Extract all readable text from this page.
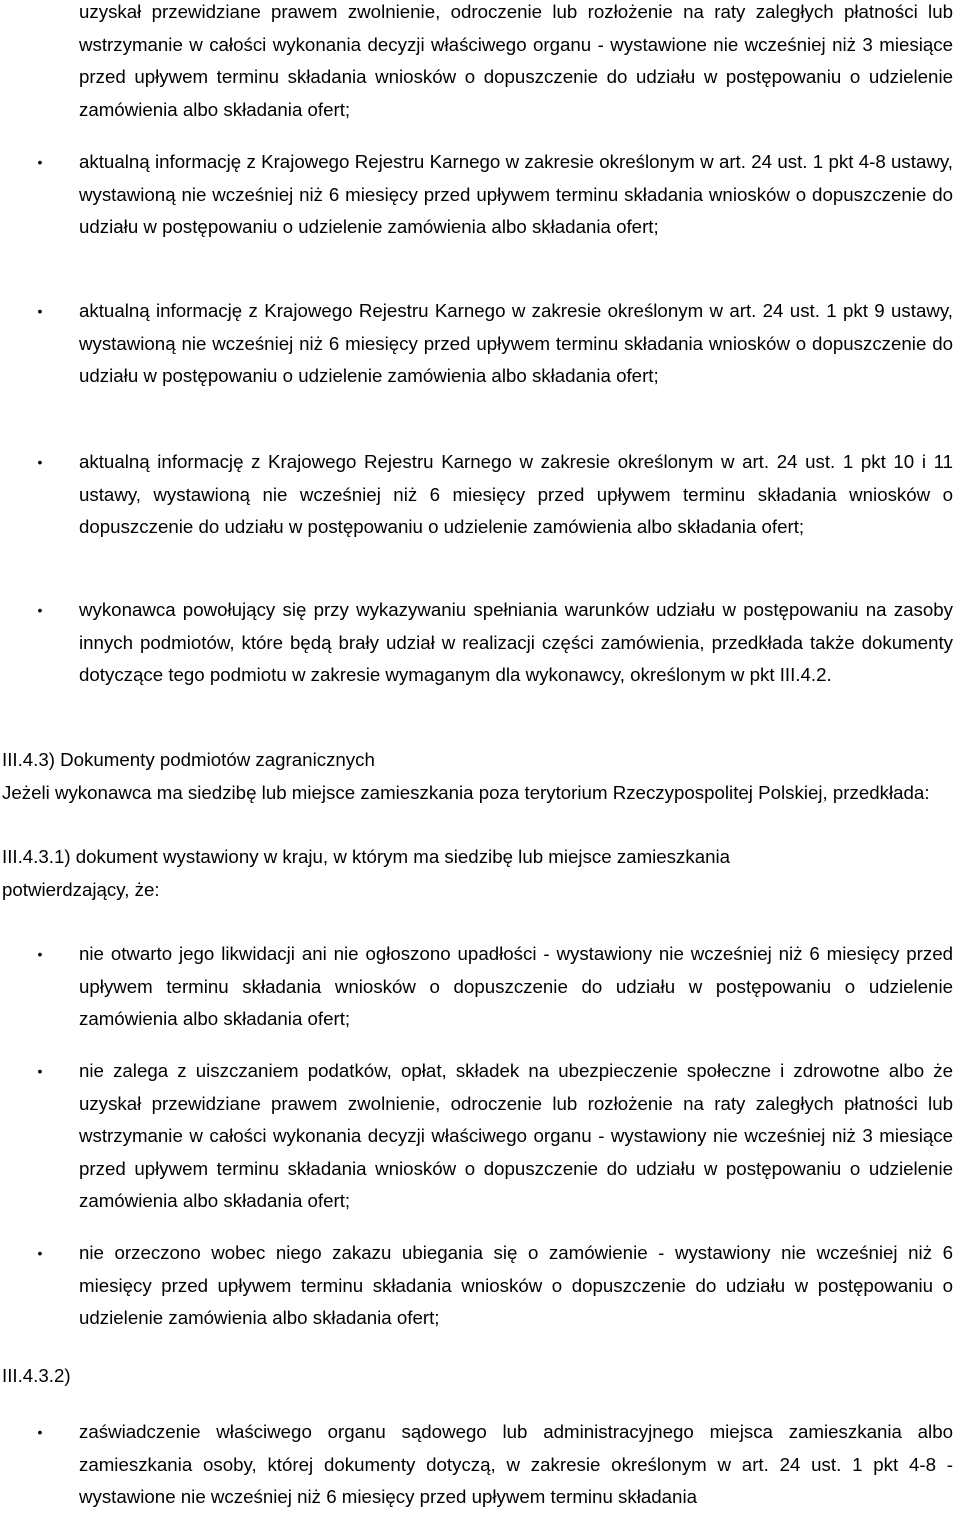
uzyskał przewidziane prawem zwolnienie, odroczenie lub rozłożenie na raty zaległych płatności lub wstrzymanie w całości wykonania decyzji właściwego organu - wystawione nie wcześniej niż 3 miesiące przed upływem terminu składania wniosków o dopuszczenie do udziału w postępowaniu o udzielenie zamówienia albo składania ofert;

• aktualną informację z Krajowego Rejestru Karnego w zakresie określonym w art. 24 ust. 1 pkt 4-8 ustawy, wystawioną nie wcześniej niż 6 miesięcy przed upływem terminu składania wniosków o dopuszczenie do udziału w postępowaniu o udzielenie zamówienia albo składania ofert;

• aktualną informację z Krajowego Rejestru Karnego w zakresie określonym w art. 24 ust. 1 pkt 9 ustawy, wystawioną nie wcześniej niż 6 miesięcy przed upływem terminu składania wniosków o dopuszczenie do udziału w postępowaniu o udzielenie zamówienia albo składania ofert;

• aktualną informację z Krajowego Rejestru Karnego w zakresie określonym w art. 24 ust. 1 pkt 10 i 11 ustawy, wystawioną nie wcześniej niż 6 miesięcy przed upływem terminu składania wniosków o dopuszczenie do udziału w postępowaniu o udzielenie zamówienia albo składania ofert;

• wykonawca powołujący się przy wykazywaniu spełniania warunków udziału w postępowaniu na zasoby innych podmiotów, które będą brały udział w realizacji części zamówienia, przedkłada także dokumenty dotyczące tego podmiotu w zakresie wymaganym dla wykonawcy, określonym w pkt III.4.2.

III.4.3) Dokumenty podmiotów zagranicznych

Jeżeli wykonawca ma siedzibę lub miejsce zamieszkania poza terytorium Rzeczypospolitej Polskiej, przedkłada:

III.4.3.1) dokument wystawiony w kraju, w którym ma siedzibę lub miejsce zamieszkania potwierdzający, że:

• nie otwarto jego likwidacji ani nie ogłoszono upadłości - wystawiony nie wcześniej niż 6 miesięcy przed upływem terminu składania wniosków o dopuszczenie do udziału w postępowaniu o udzielenie zamówienia albo składania ofert;

• nie zalega z uiszczaniem podatków, opłat, składek na ubezpieczenie społeczne i zdrowotne albo że uzyskał przewidziane prawem zwolnienie, odroczenie lub rozłożenie na raty zaległych płatności lub wstrzymanie w całości wykonania decyzji właściwego organu - wystawiony nie wcześniej niż 3 miesiące przed upływem terminu składania wniosków o dopuszczenie do udziału w postępowaniu o udzielenie zamówienia albo składania ofert;

• nie orzeczono wobec niego zakazu ubiegania się o zamówienie - wystawiony nie wcześniej niż 6 miesięcy przed upływem terminu składania wniosków o dopuszczenie do udziału w postępowaniu o udzielenie zamówienia albo składania ofert;

III.4.3.2)

• zaświadczenie właściwego organu sądowego lub administracyjnego miejsca zamieszkania albo zamieszkania osoby, której dokumenty dotyczą, w zakresie określonym w art. 24 ust. 1 pkt 4-8 - wystawione nie wcześniej niż 6 miesięcy przed upływem terminu składania
